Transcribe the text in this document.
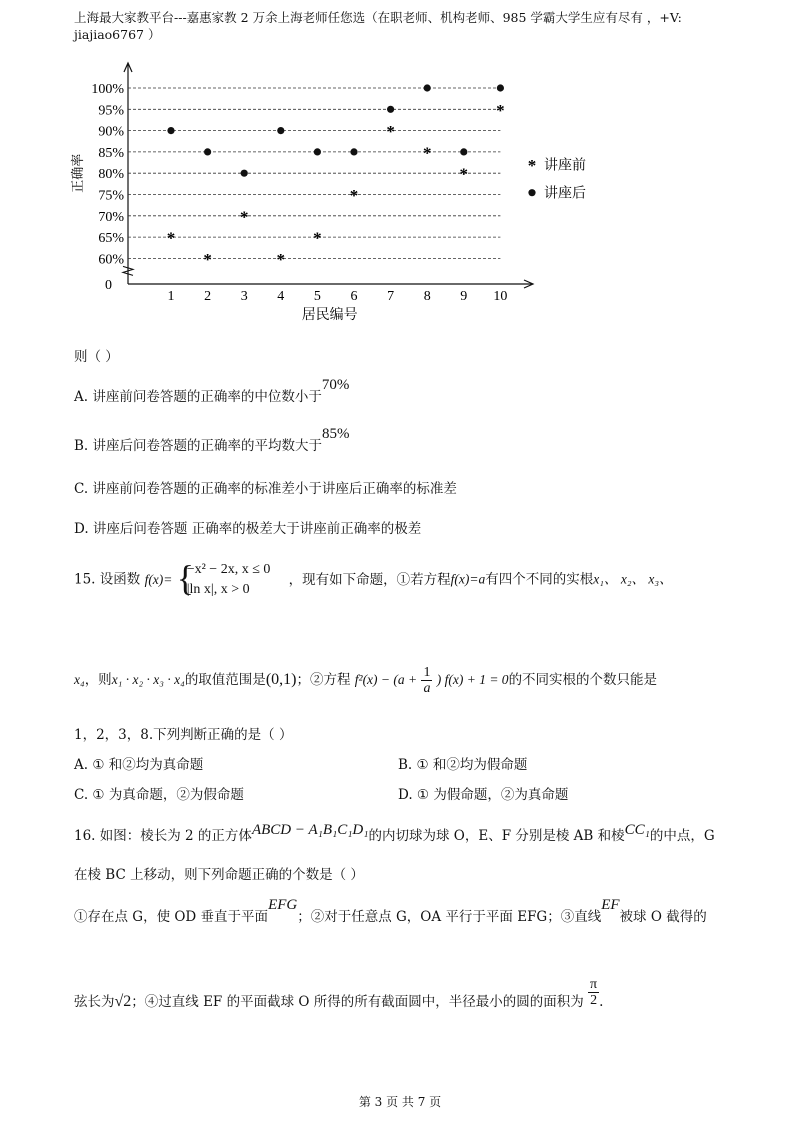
上海最大家教平台---嘉惠家教 2 万余上海老师任您选（在职老师、机构老师、985 学霸大学生应有尽有 ，+V:
jiajiao6767 ）
0
60%
65%
70%
75%
80%
85%
90%
95%
100%
1 2 3 4 5 6 7 8 9 10
居民编号
正确率
*
*
*
*
*
*
*
*
*
*
* 讲座前
讲座后
则（ ）
A. 讲座前问卷答题的正确率的中位数小于70%
B. 讲座后问卷答题的正确率的平均数大于85%
C. 讲座前问卷答题的正确率的标准差小于讲座后正确率的标准差
D. 讲座后问卷答题 正确率的极差大于讲座前正确率的极差
15. 设函数 f(x)= {
−x² − 2x, x ≤ 0
|ln x|, x > 0
，现有如下命题，①若方程f(x)=a有四个不同的实根x₁、 x₂、 x₃、
x₄，则x₁ · x₂ · x₃ · x₄的取值范围是(0,1)；②方程 $f^2(x) - (a + \frac{1}{a}$ ) f(x) + 1 = 0的不同实根的个数只能是
1，2，3，8.下列判断正确的是（ ）
A. ① 和②均为真命题	B. ① 和②均为假命题
C. ① 为真命题，②为假命题	D. ① 为假命题，②为真命题
16. 如图：棱长为 2 的正方体ABCD − A₁B₁C₁D₁的内切球为球 O，E、F 分别是棱 AB 和棱CC₁的中点，G
在棱 BC 上移动，则下列命题正确的个数是（ ）
①存在点 G，使 OD 垂直于平面EFG；②对于任意点 G，OA 平行于平面 EFG；③直线EF被球 O 截得的
弦长为√2；④过直线 EF 的平面截球 O 所得的所有截面圆中，半径最小的圆的面积为 $\frac{\pi}{2}$ .
第 3 页 共 7 页
